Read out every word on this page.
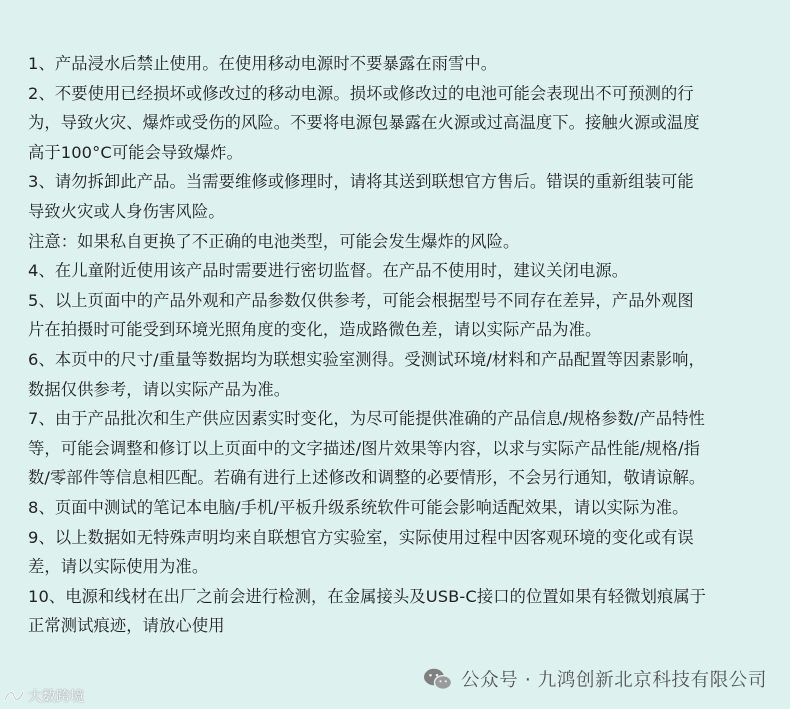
1、产品浸水后禁止使用。在使用移动电源时不要暴露在雨雪中。

2、不要使用已经损坏或修改过的移动电源。损坏或修改过的电池可能会表现出不可预测的行
为，导致火灾、爆炸或受伤的风险。不要将电源包暴露在火源或过高温度下。接触火源或温度
高于100°C可能会导致爆炸。

3、请勿拆卸此产品。当需要维修或修理时，请将其送到联想官方售后。错误的重新组装可能
导致火灾或人身伤害风险。

注意：如果私自更换了不正确的电池类型，可能会发生爆炸的风险。

4、在儿童附近使用该产品时需要进行密切监督。在产品不使用时，建议关闭电源。

5、以上页面中的产品外观和产品参数仅供参考，可能会根据型号不同存在差异，产品外观图
片在拍摄时可能受到环境光照角度的变化，造成路微色差，请以实际产品为准。

6、本页中的尺寸/重量等数据均为联想实验室测得。受测试环境/材料和产品配置等因素影响，
数据仅供参考，请以实际产品为准。

7、由于产品批次和生产供应因素实时变化，为尽可能提供准确的产品信息/规格参数/产品特性
等，可能会调整和修订以上页面中的文字描述/图片效果等内容，以求与实际产品性能/规格/指
数/零部件等信息相匹配。若确有进行上述修改和调整的必要情形，不会另行通知，敬请谅解。

8、页面中测试的笔记本电脑/手机/平板升级系统软件可能会影响适配效果，请以实际为准。

9、以上数据如无特殊声明均来自联想官方实验室，实际使用过程中因客观环境的变化或有误
差，请以实际使用为准。

10、电源和线材在出厂之前会进行检测，在金属接头及USB-C接口的位置如果有轻微划痕属于
正常测试痕迹，请放心使用

公众号 · 九鸿创新北京科技有限公司
大数跨境
